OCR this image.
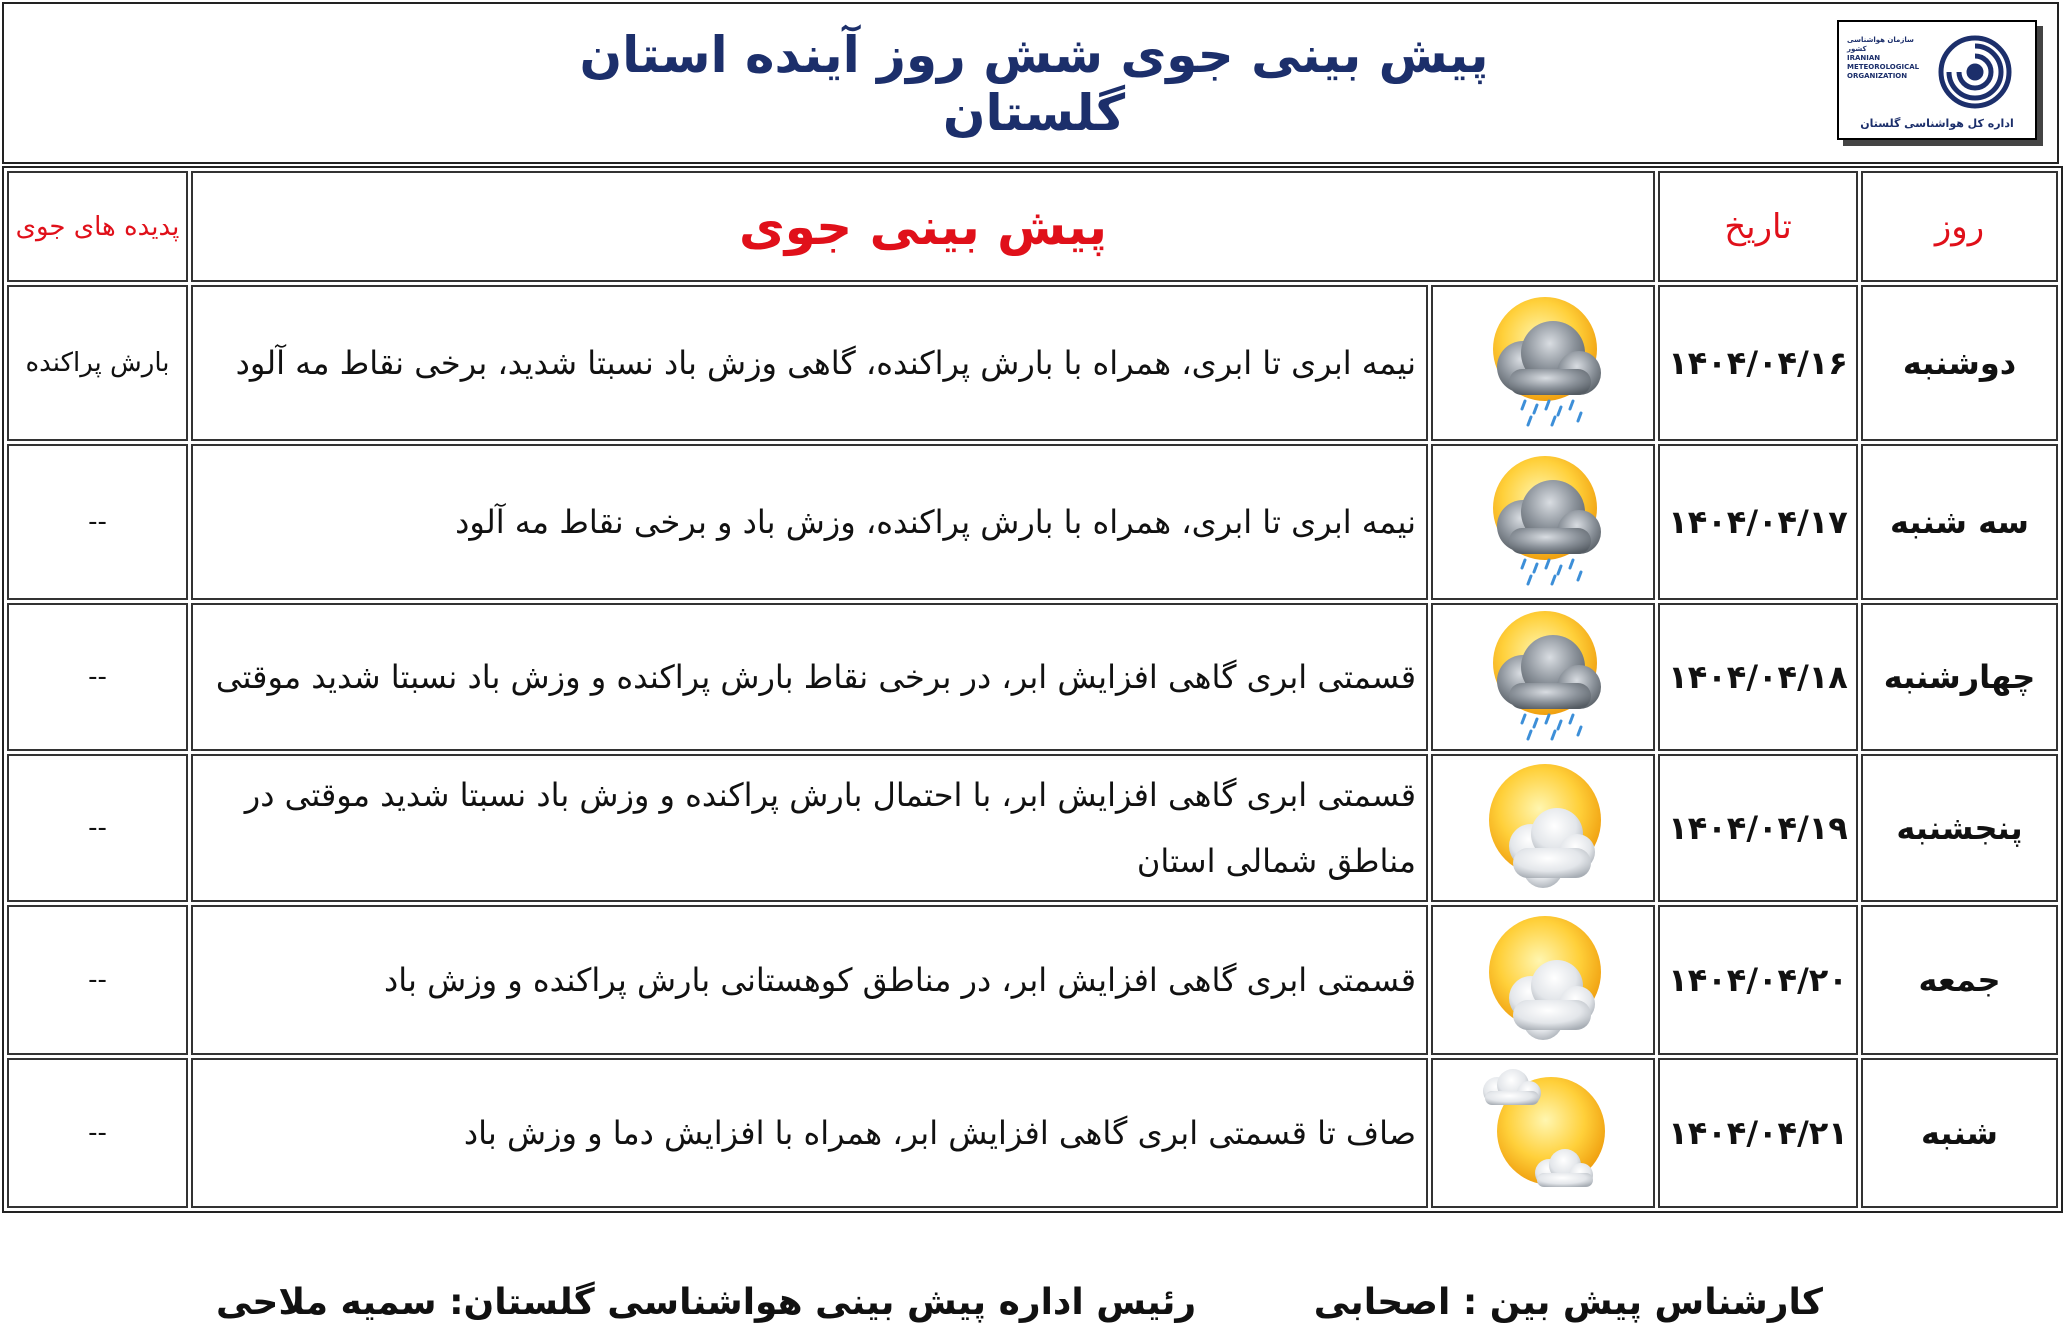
پیش بینی جوی شش روز آینده استان گلستان
سازمان هواشناسی کشور
IRANIAN
METEOROLOGICAL
ORGANIZATION
اداره کل هواشناسی گلستان
روز	تاریخ	پیش بینی جوی		پدیده های جوی
دوشنبه	۱۴۰۴/۰۴/۱۶		نیمه ابری تا ابری، همراه با بارش پراکنده، گاهی وزش باد نسبتا شدید، برخی نقاط مه آلود	بارش پراکنده
سه شنبه	۱۴۰۴/۰۴/۱۷		نیمه ابری تا ابری، همراه با بارش پراکنده، وزش باد و برخی نقاط مه آلود	--
چهارشنبه	۱۴۰۴/۰۴/۱۸		قسمتی ابری گاهی افزایش ابر، در برخی نقاط بارش پراکنده و وزش باد نسبتا شدید موقتی	--
پنجشنبه	۱۴۰۴/۰۴/۱۹		قسمتی ابری گاهی افزایش ابر، با احتمال بارش پراکنده و وزش باد نسبتا شدید موقتی در مناطق شمالی استان	--
جمعه	۱۴۰۴/۰۴/۲۰		قسمتی ابری گاهی افزایش ابر، در مناطق کوهستانی بارش پراکنده و وزش باد	--
شنبه	۱۴۰۴/۰۴/۲۱		صاف تا قسمتی ابری گاهی افزایش ابر، همراه با افزایش دما و وزش باد	--
کارشناس پیش بین : اصحابی
رئیس اداره پیش بینی هواشناسی گلستان: سمیه ملاحی
